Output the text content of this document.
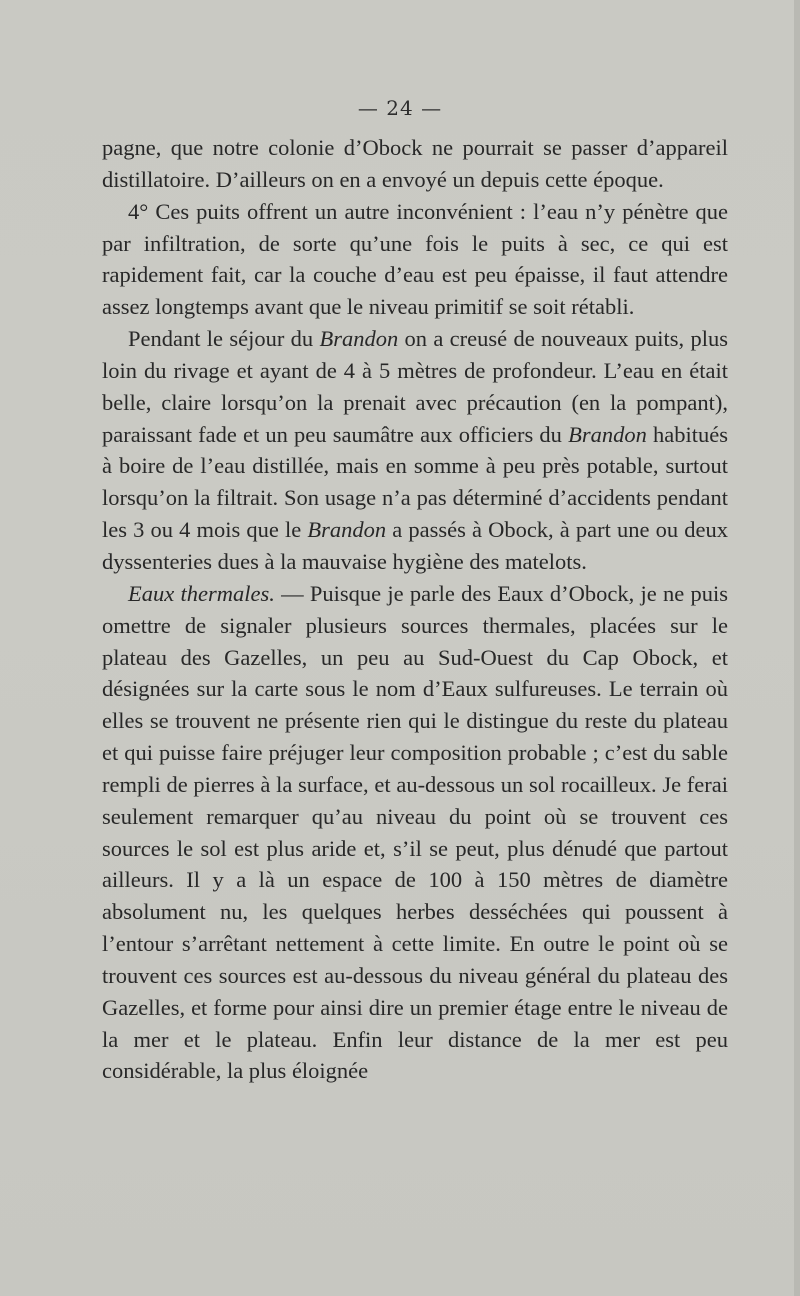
— 24 —

pagne, que notre colonie d’Obock ne pourrait se passer d’appareil distillatoire. D’ailleurs on en a envoyé un depuis cette époque.

4° Ces puits offrent un autre inconvénient : l’eau n’y pénètre que par infiltration, de sorte qu’une fois le puits à sec, ce qui est rapidement fait, car la couche d’eau est peu épaisse, il faut attendre assez longtemps avant que le niveau primitif se soit rétabli.

Pendant le séjour du Brandon on a creusé de nouveaux puits, plus loin du rivage et ayant de 4 à 5 mètres de profondeur. L’eau en était belle, claire lorsqu’on la prenait avec précaution (en la pompant), paraissant fade et un peu saumâtre aux officiers du Brandon habitués à boire de l’eau distillée, mais en somme à peu près potable, surtout lorsqu’on la filtrait. Son usage n’a pas déterminé d’accidents pendant les 3 ou 4 mois que le Brandon a passés à Obock, à part une ou deux dyssenteries dues à la mauvaise hygiène des matelots.

Eaux thermales. — Puisque je parle des Eaux d’Obock, je ne puis omettre de signaler plusieurs sources thermales, placées sur le plateau des Gazelles, un peu au Sud-Ouest du Cap Obock, et désignées sur la carte sous le nom d’Eaux sulfureuses. Le terrain où elles se trouvent ne présente rien qui le distingue du reste du plateau et qui puisse faire préjuger leur composition probable ; c’est du sable rempli de pierres à la surface, et au-dessous un sol rocailleux. Je ferai seulement remarquer qu’au niveau du point où se trouvent ces sources le sol est plus aride et, s’il se peut, plus dénudé que partout ailleurs. Il y a là un espace de 100 à 150 mètres de diamètre absolument nu, les quelques herbes desséchées qui poussent à l’entour s’arrêtant nettement à cette limite. En outre le point où se trouvent ces sources est au-dessous du niveau général du plateau des Gazelles, et forme pour ainsi dire un premier étage entre le niveau de la mer et le plateau. Enfin leur distance de la mer est peu considérable, la plus éloignée
